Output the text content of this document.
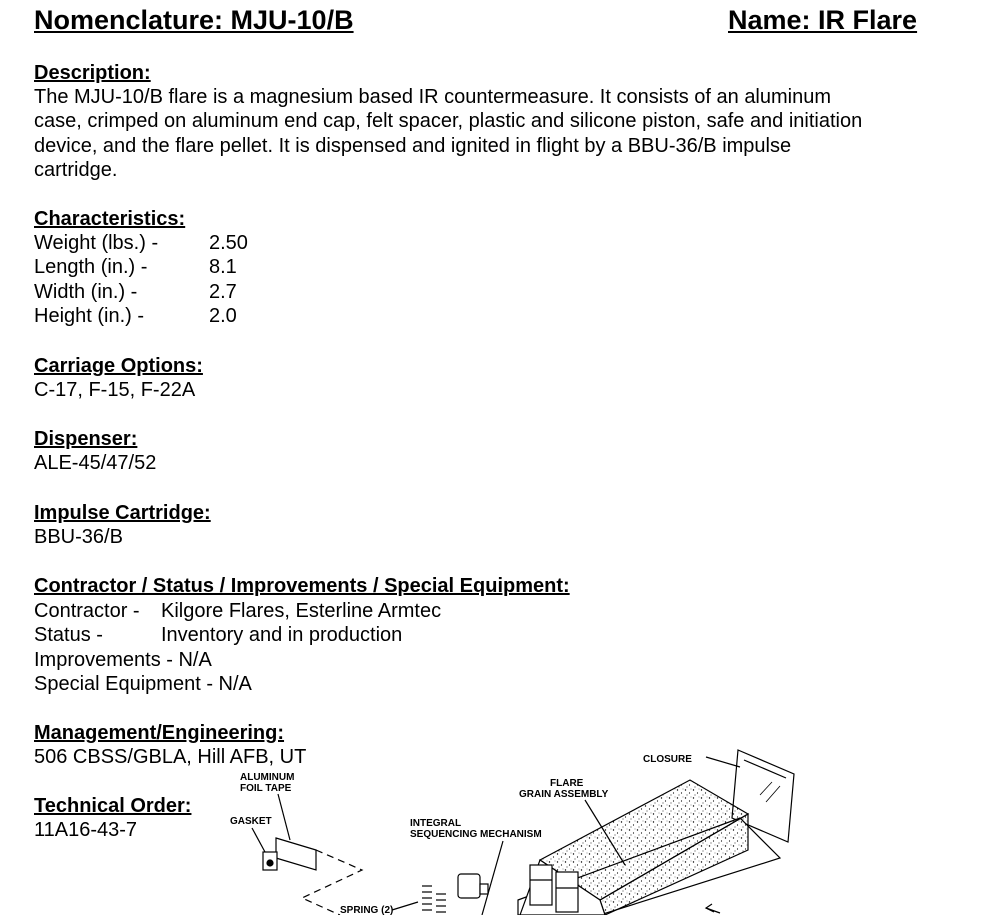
Nomenclature: MJU-10/B	Name: IR Flare
Description:
The MJU-10/B flare is a magnesium based IR countermeasure. It consists of an aluminum
case, crimped on aluminum end cap, felt spacer, plastic and silicone piston, safe and initiation
device, and the flare pellet. It is dispensed and ignited in flight by a BBU-36/B impulse
cartridge.
Characteristics:
Weight (lbs.) -	2.50
Length (in.) -	8.1
Width (in.) -	2.7
Height (in.) -	2.0
Carriage Options:
C-17, F-15, F-22A
Dispenser:
ALE-45/47/52
Impulse Cartridge:
BBU-36/B
Contractor / Status / Improvements / Special Equipment:
Contractor - Kilgore Flares, Esterline Armtec
Status -	Inventory and in production
Improvements - N/A
Special Equipment - N/A
Management/Engineering:
506 CBSS/GBLA, Hill AFB, UT
Technical Order:
11A16-43-7
CLOSURE
FLARE
GRAIN ASSEMBLY
ALUMINUM
FOIL TAPE
GASKET	INTEGRAL
SEQUENCING MECHANISM
SPRING (2)
